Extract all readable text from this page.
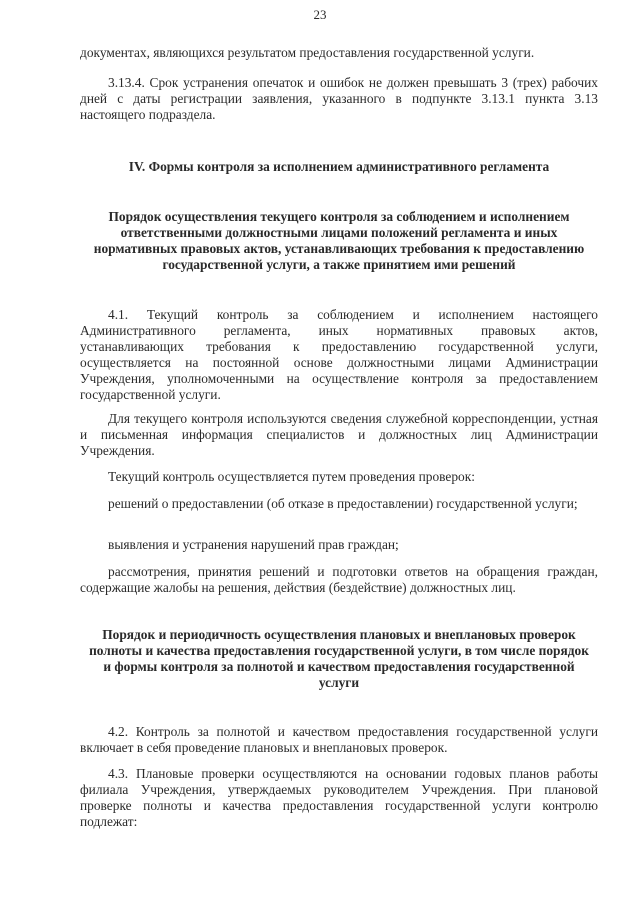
23

документах, являющихся результатом предоставления государственной услуги.

3.13.4. Срок устранения опечаток и ошибок не должен превышать 3 (трех) рабочих дней с даты регистрации заявления, указанного в подпункте 3.13.1 пункта 3.13 настоящего подраздела.

IV. Формы контроля за исполнением административного регламента

Порядок осуществления текущего контроля за соблюдением и исполнением ответственными должностными лицами положений регламента и иных нормативных правовых актов, устанавливающих требования к предоставлению государственной услуги, а также принятием ими решений

4.1. Текущий контроль за соблюдением и исполнением настоящего
Административного регламента, иных нормативных правовых актов,
устанавливающих требования к предоставлению государственной услуги,
осуществляется на постоянной основе должностными лицами Администрации
Учреждения, уполномоченными на осуществление контроля за предоставлением
государственной услуги.

Для текущего контроля используются сведения служебной корреспонденции, устная и письменная информация специалистов и должностных лиц Администрации Учреждения.

Текущий контроль осуществляется путем проведения проверок:

решений о предоставлении (об отказе в предоставлении) государственной услуги;

выявления и устранения нарушений прав граждан;

рассмотрения, принятия решений и подготовки ответов на обращения граждан, содержащие жалобы на решения, действия (бездействие) должностных лиц.

Порядок и периодичность осуществления плановых и внеплановых проверок полноты и качества предоставления государственной услуги, в том числе порядок и формы контроля за полнотой и качеством предоставления государственной услуги

4.2. Контроль за полнотой и качеством предоставления государственной услуги включает в себя проведение плановых и внеплановых проверок.

4.3. Плановые проверки осуществляются на основании годовых планов работы филиала Учреждения, утверждаемых руководителем Учреждения. При плановой проверке полноты и качества предоставления государственной услуги контролю подлежат:
